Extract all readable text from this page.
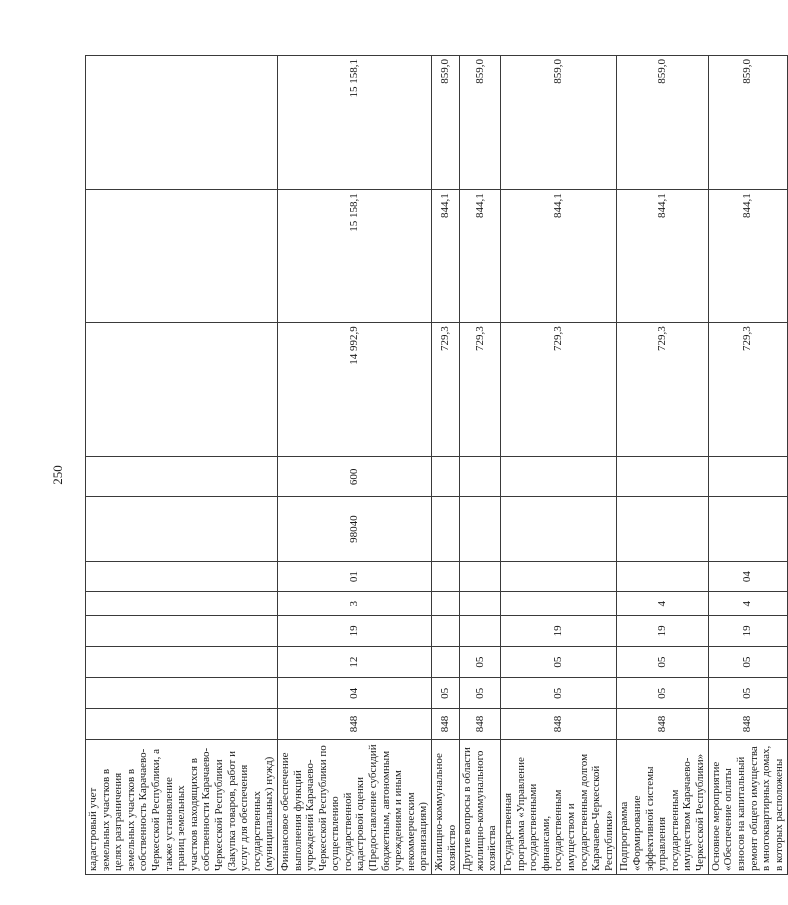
250
кадастровый учет земельных участков в целях разграничения земельных участков в собственность Карачаево-Черкесской Республики, а также установление границ земельных участков находящихся в собственности Карачаево-Черкесской Республики (Закупка товаров, работ и услуг для обеспечения государственных (муниципальных) нужд)											
Финансовое обеспечение выполнения функций учреждений Карачаево-Черкесской Республики по осуществлению государственной кадастровой оценки (Предоставление субсидий бюджетным, автономным учреждениям и иным некоммерческим организациям)	848	04	12	19	3	01	98040	600	14 992,9	15 158,1	15 158,1
Жилищно-коммунальное хозяйство	848	05							729,3	844,1	859,0
Другие вопросы в области жилищно-коммунального хозяйства	848	05	05						729,3	844,1	859,0
Государственная программа «Управление государственными финансами, государственным имуществом и государственным долгом Карачаево-Черкесской Республики»	848	05	05	19					729,3	844,1	859,0
Подпрограмма «Формирование эффективной системы управления государственным имуществом Карачаево-Черкесской Республики»	848	05	05	19	4				729,3	844,1	859,0
Основное мероприятие «Обеспечение оплаты взносов на капитальный ремонт общего имущества в многоквартирных домах, в которых расположены	848	05	05	19	4	04			729,3	844,1	859,0
